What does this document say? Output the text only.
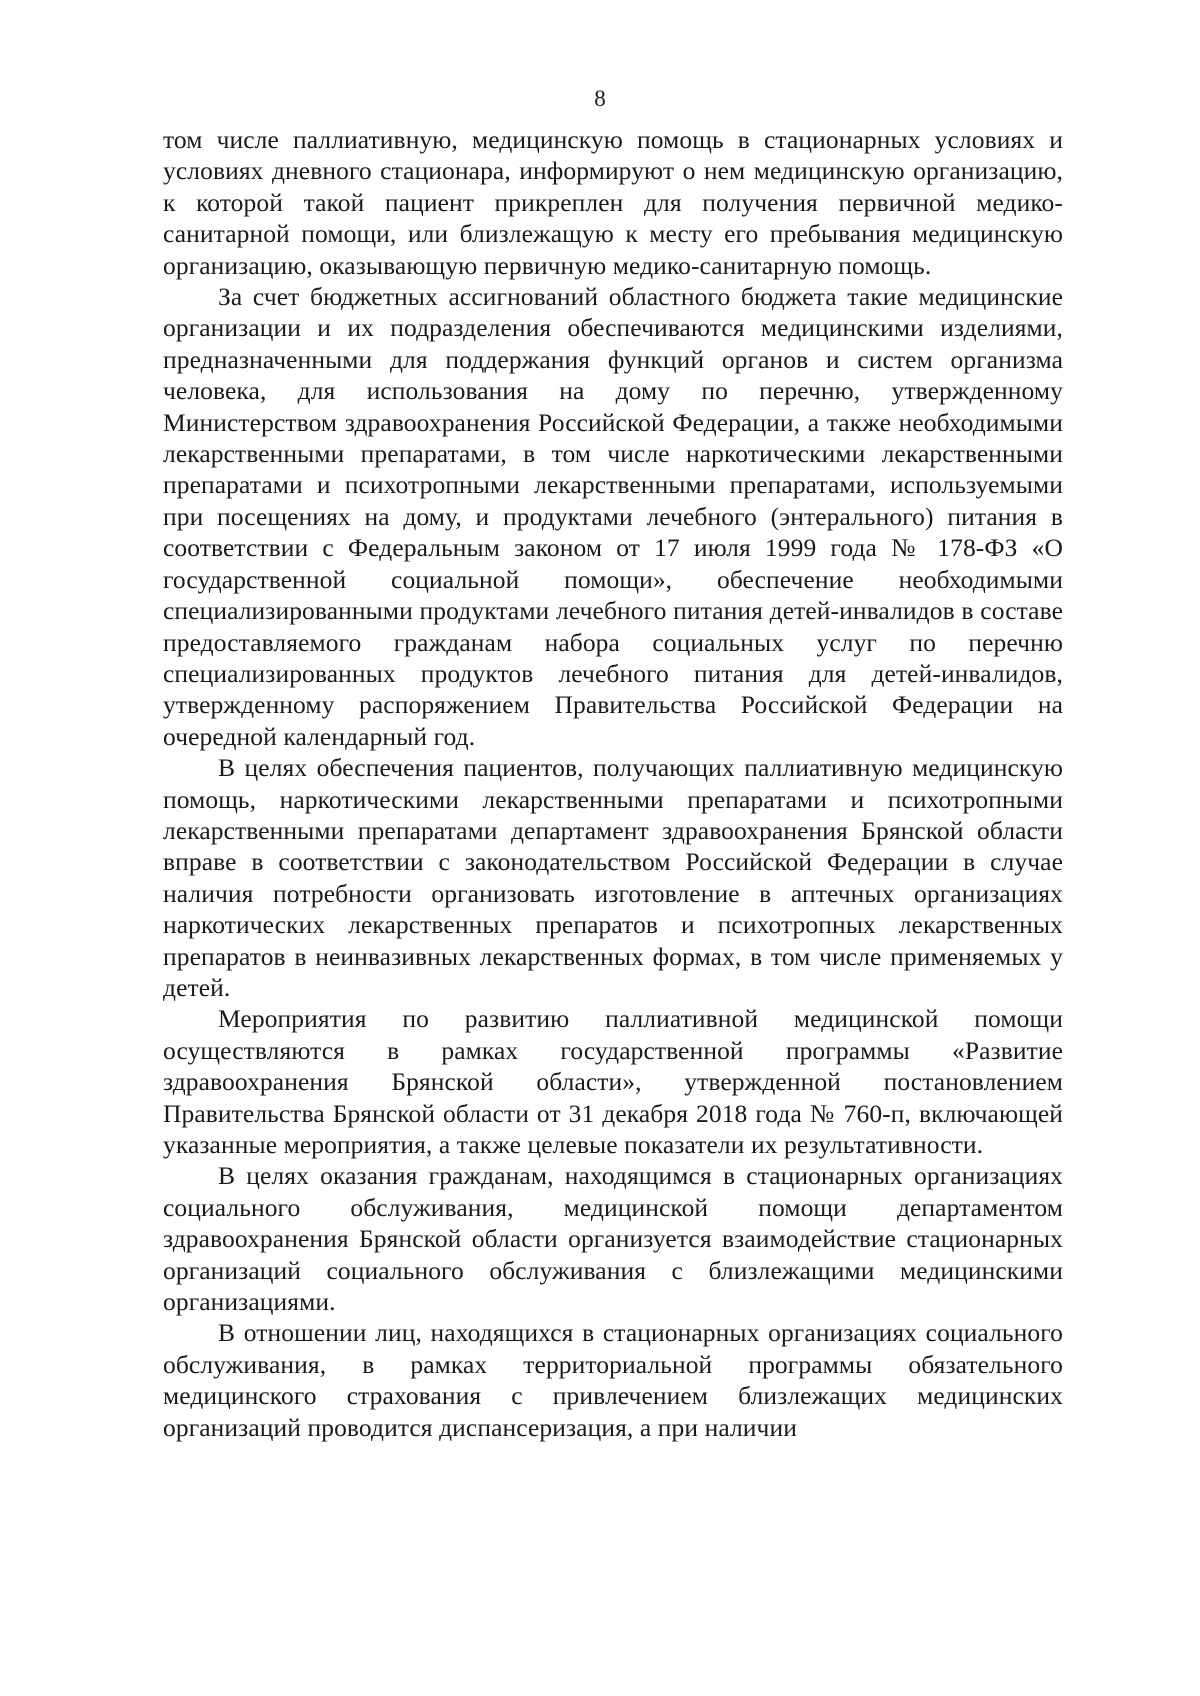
8

том числе паллиативную, медицинскую помощь в стационарных условиях и условиях дневного стационара, информируют о нем медицинскую организацию, к которой такой пациент прикреплен для получения первичной медико-санитарной помощи, или близлежащую к месту его пребывания медицинскую организацию, оказывающую первичную медико-санитарную помощь.

За счет бюджетных ассигнований областного бюджета такие медицинские организации и их подразделения обеспечиваются медицинскими изделиями, предназначенными для поддержания функций органов и систем организма человека, для использования на дому по перечню, утвержденному Министерством здравоохранения Российской Федерации, а также необходимыми лекарственными препаратами, в том числе наркотическими лекарственными препаратами и психотропными лекарственными препаратами, используемыми при посещениях на дому, и продуктами лечебного (энтерального) питания в соответствии с Федеральным законом от 17 июля 1999 года № 178-ФЗ «О государственной социальной помощи», обеспечение необходимыми специализированными продуктами лечебного питания детей-инвалидов в составе предоставляемого гражданам набора социальных услуг по перечню специализированных продуктов лечебного питания для детей-инвалидов, утвержденному распоряжением Правительства Российской Федерации на очередной календарный год.

В целях обеспечения пациентов, получающих паллиативную медицинскую помощь, наркотическими лекарственными препаратами и психотропными лекарственными препаратами департамент здравоохранения Брянской области вправе в соответствии с законодательством Российской Федерации в случае наличия потребности организовать изготовление в аптечных организациях наркотических лекарственных препаратов и психотропных лекарственных препаратов в неинвазивных лекарственных формах, в том числе применяемых у детей.

Мероприятия по развитию паллиативной медицинской помощи осуществляются в рамках государственной программы «Развитие здравоохранения Брянской области», утвержденной постановлением Правительства Брянской области от 31 декабря 2018 года № 760-п, включающей указанные мероприятия, а также целевые показатели их результативности.

В целях оказания гражданам, находящимся в стационарных организациях социального обслуживания, медицинской помощи департаментом здравоохранения Брянской области организуется взаимодействие стационарных организаций социального обслуживания с близлежащими медицинскими организациями.

В отношении лиц, находящихся в стационарных организациях социального обслуживания, в рамках территориальной программы обязательного медицинского страхования с привлечением близлежащих медицинских организаций проводится диспансеризация, а при наличии
